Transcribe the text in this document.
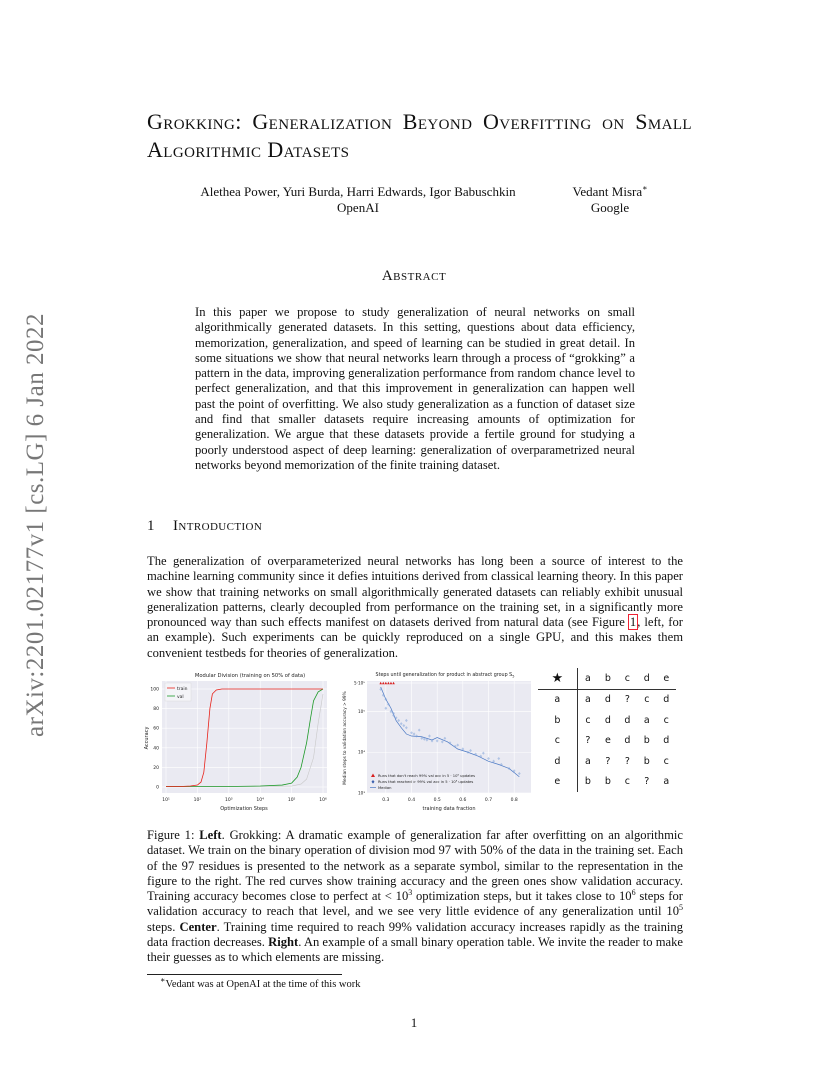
arXiv:2201.02177v1 [cs.LG] 6 Jan 2022
Grokking: Generalization Beyond Overfitting on Small Algorithmic Datasets
Alethea Power, Yuri Burda, Harri Edwards, Igor Babuschkin
OpenAI
Vedant Misra∗
Google
Abstract
In this paper we propose to study generalization of neural networks on small algorithmically generated datasets. In this setting, questions about data efficiency, memorization, generalization, and speed of learning can be studied in great detail. In some situations we show that neural networks learn through a process of “grokking” a pattern in the data, improving generalization performance from random chance level to perfect generalization, and that this improvement in generalization can happen well past the point of overfitting. We also study generalization as a function of dataset size and find that smaller datasets require increasing amounts of optimization for generalization. We argue that these datasets provide a fertile ground for studying a poorly understood aspect of deep learning: generalization of overparametrized neural networks beyond memorization of the finite training dataset.
1 Introduction
The generalization of overparameterized neural networks has long been a source of interest to the machine learning community since it defies intuitions derived from classical learning theory. In this paper we show that training networks on small algorithmically generated datasets can reliably exhibit unusual generalization patterns, clearly decoupled from performance on the training set, in a significantly more pronounced way than such effects manifest on datasets derived from natural data (see Figure 1, left, for an example). Such experiments can be quickly reproduced on a single GPU, and this makes them convenient testbeds for theories of generalization.
Modular Division (training on 50% of data)
10¹	10²	10³	10⁴	10⁵	10⁶
0
20
40
60
80
100
Optimization Steps
Accuracy
train
val
Steps until generalization for product in abstract group $S_5$
0.3	0.4	0.5	0.6	0.7	0.8
5·10⁵
10⁵
10⁴
10³
training data fraction
Median steps to validation accuracy > 99%	Runs that don't reach 99% val acc in 5 · 10⁵ updates
Runs that reached > 99% val acc in 5 · 10⁵ updates
Median
★	a	b	c	d	e
a	a	d	?	c	d
b	c	d	d	a	c
c	?	e	d	b	d
d	a	?	?	b	c
e	b	b	c	?	a
Figure 1: Left. Grokking: A dramatic example of generalization far after overfitting on an algorithmic dataset. We train on the binary operation of division mod 97 with 50% of the data in the training set. Each of the 97 residues is presented to the network as a separate symbol, similar to the representation in the figure to the right. The red curves show training accuracy and the green ones show validation accuracy. Training accuracy becomes close to perfect at < $10^3$ optimization steps, but it takes close to $10^6$ steps for validation accuracy to reach that level, and we see very little evidence of any generalization until $10^5$ steps. Center. Training time required to reach 99% validation accuracy increases rapidly as the training data fraction decreases. Right. An example of a small binary operation table. We invite the reader to make their guesses as to which elements are missing.
∗Vedant was at OpenAI at the time of this work
1
